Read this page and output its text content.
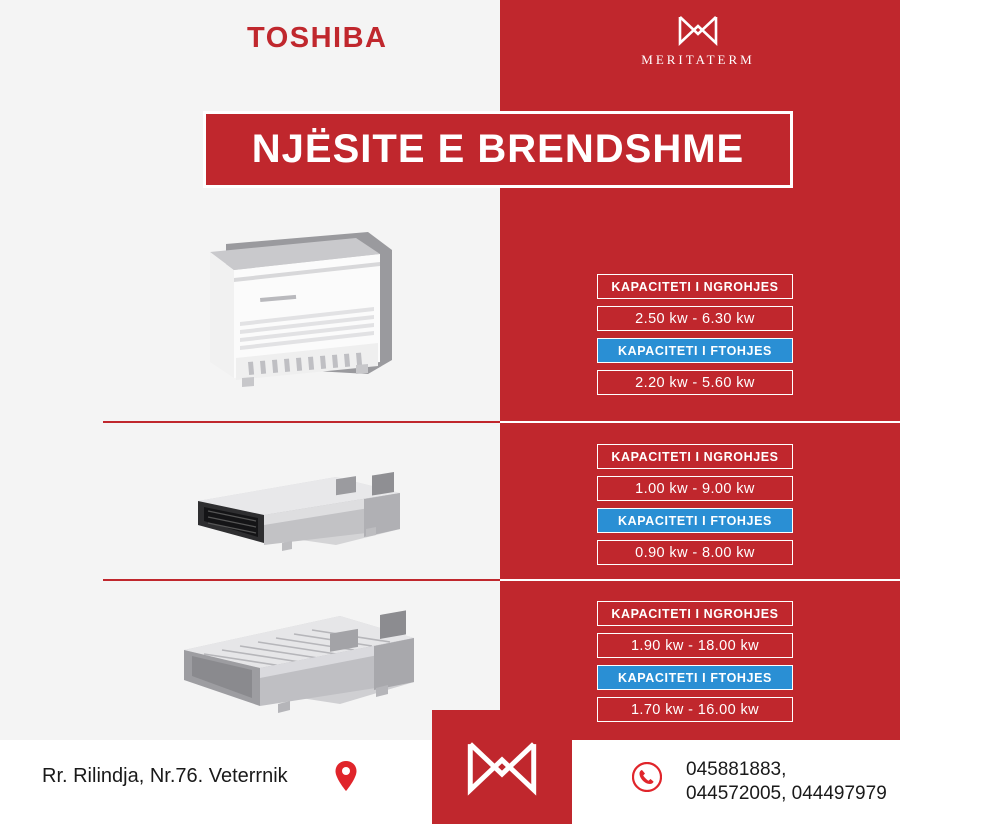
TOSHIBA
MERITATERM
NJËSITE E BRENDSHME
KAPACITETI I NGROHJES
2.50 kw - 6.30 kw
KAPACITETI I FTOHJES
2.20 kw - 5.60 kw
KAPACITETI I NGROHJES
1.00 kw - 9.00 kw
KAPACITETI I FTOHJES
0.90 kw - 8.00 kw
KAPACITETI I NGROHJES
1.90 kw - 18.00 kw
KAPACITETI I FTOHJES
1.70 kw - 16.00 kw
Rr. Rilindja, Nr.76. Veterrnik	045881883,
044572005, 044497979
